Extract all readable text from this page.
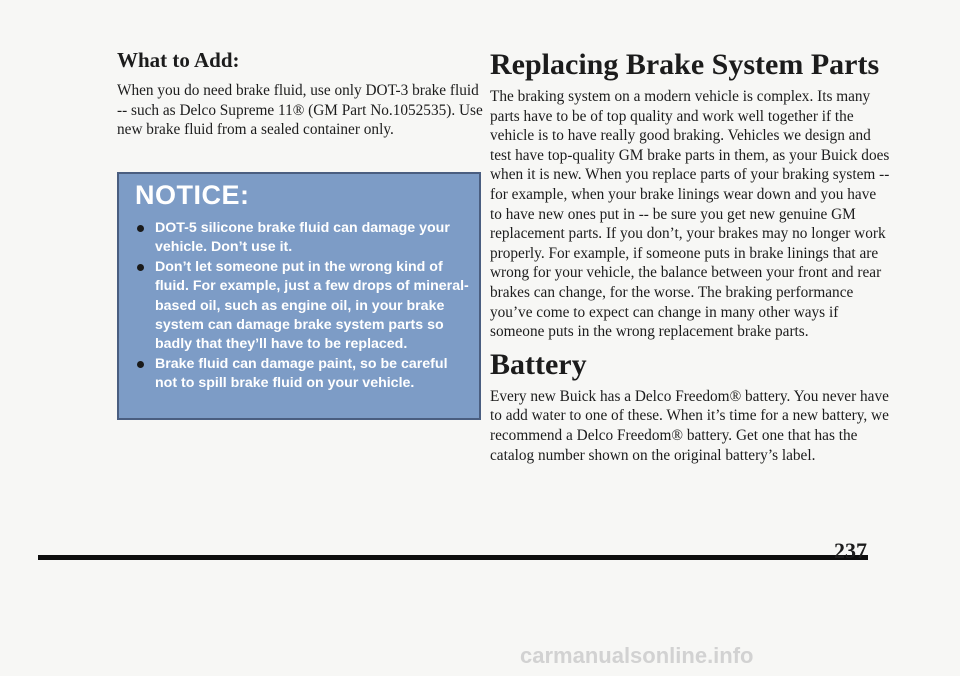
What to Add:

When you do need brake fluid, use only DOT-3 brake fluid -- such as Delco Supreme 11® (GM Part No.1052535). Use new brake fluid from a sealed container only.

NOTICE:
DOT-5 silicone brake fluid can damage your vehicle. Don’t use it.
Don’t let someone put in the wrong kind of fluid. For example, just a few drops of mineral-based oil, such as engine oil, in your brake system can damage brake system parts so badly that they’ll have to be replaced.
Brake fluid can damage paint, so be careful not to spill brake fluid on your vehicle.
Replacing Brake System Parts

The braking system on a modern vehicle is complex. Its many parts have to be of top quality and work well together if the vehicle is to have really good braking. Vehicles we design and test have top-quality GM brake parts in them, as your Buick does when it is new. When you replace parts of your braking system -- for example, when your brake linings wear down and you have to have new ones put in -- be sure you get new genuine GM replacement parts. If you don’t, your brakes may no longer work properly. For example, if someone puts in brake linings that are wrong for your vehicle, the balance between your front and rear brakes can change, for the worse. The braking performance you’ve come to expect can change in many other ways if someone puts in the wrong replacement brake parts.

Battery

Every new Buick has a Delco Freedom® battery. You never have to add water to one of these. When it’s time for a new battery, we recommend a Delco Freedom® battery. Get one that has the catalog number shown on the original battery’s label.

237
carmanualsonline.info
